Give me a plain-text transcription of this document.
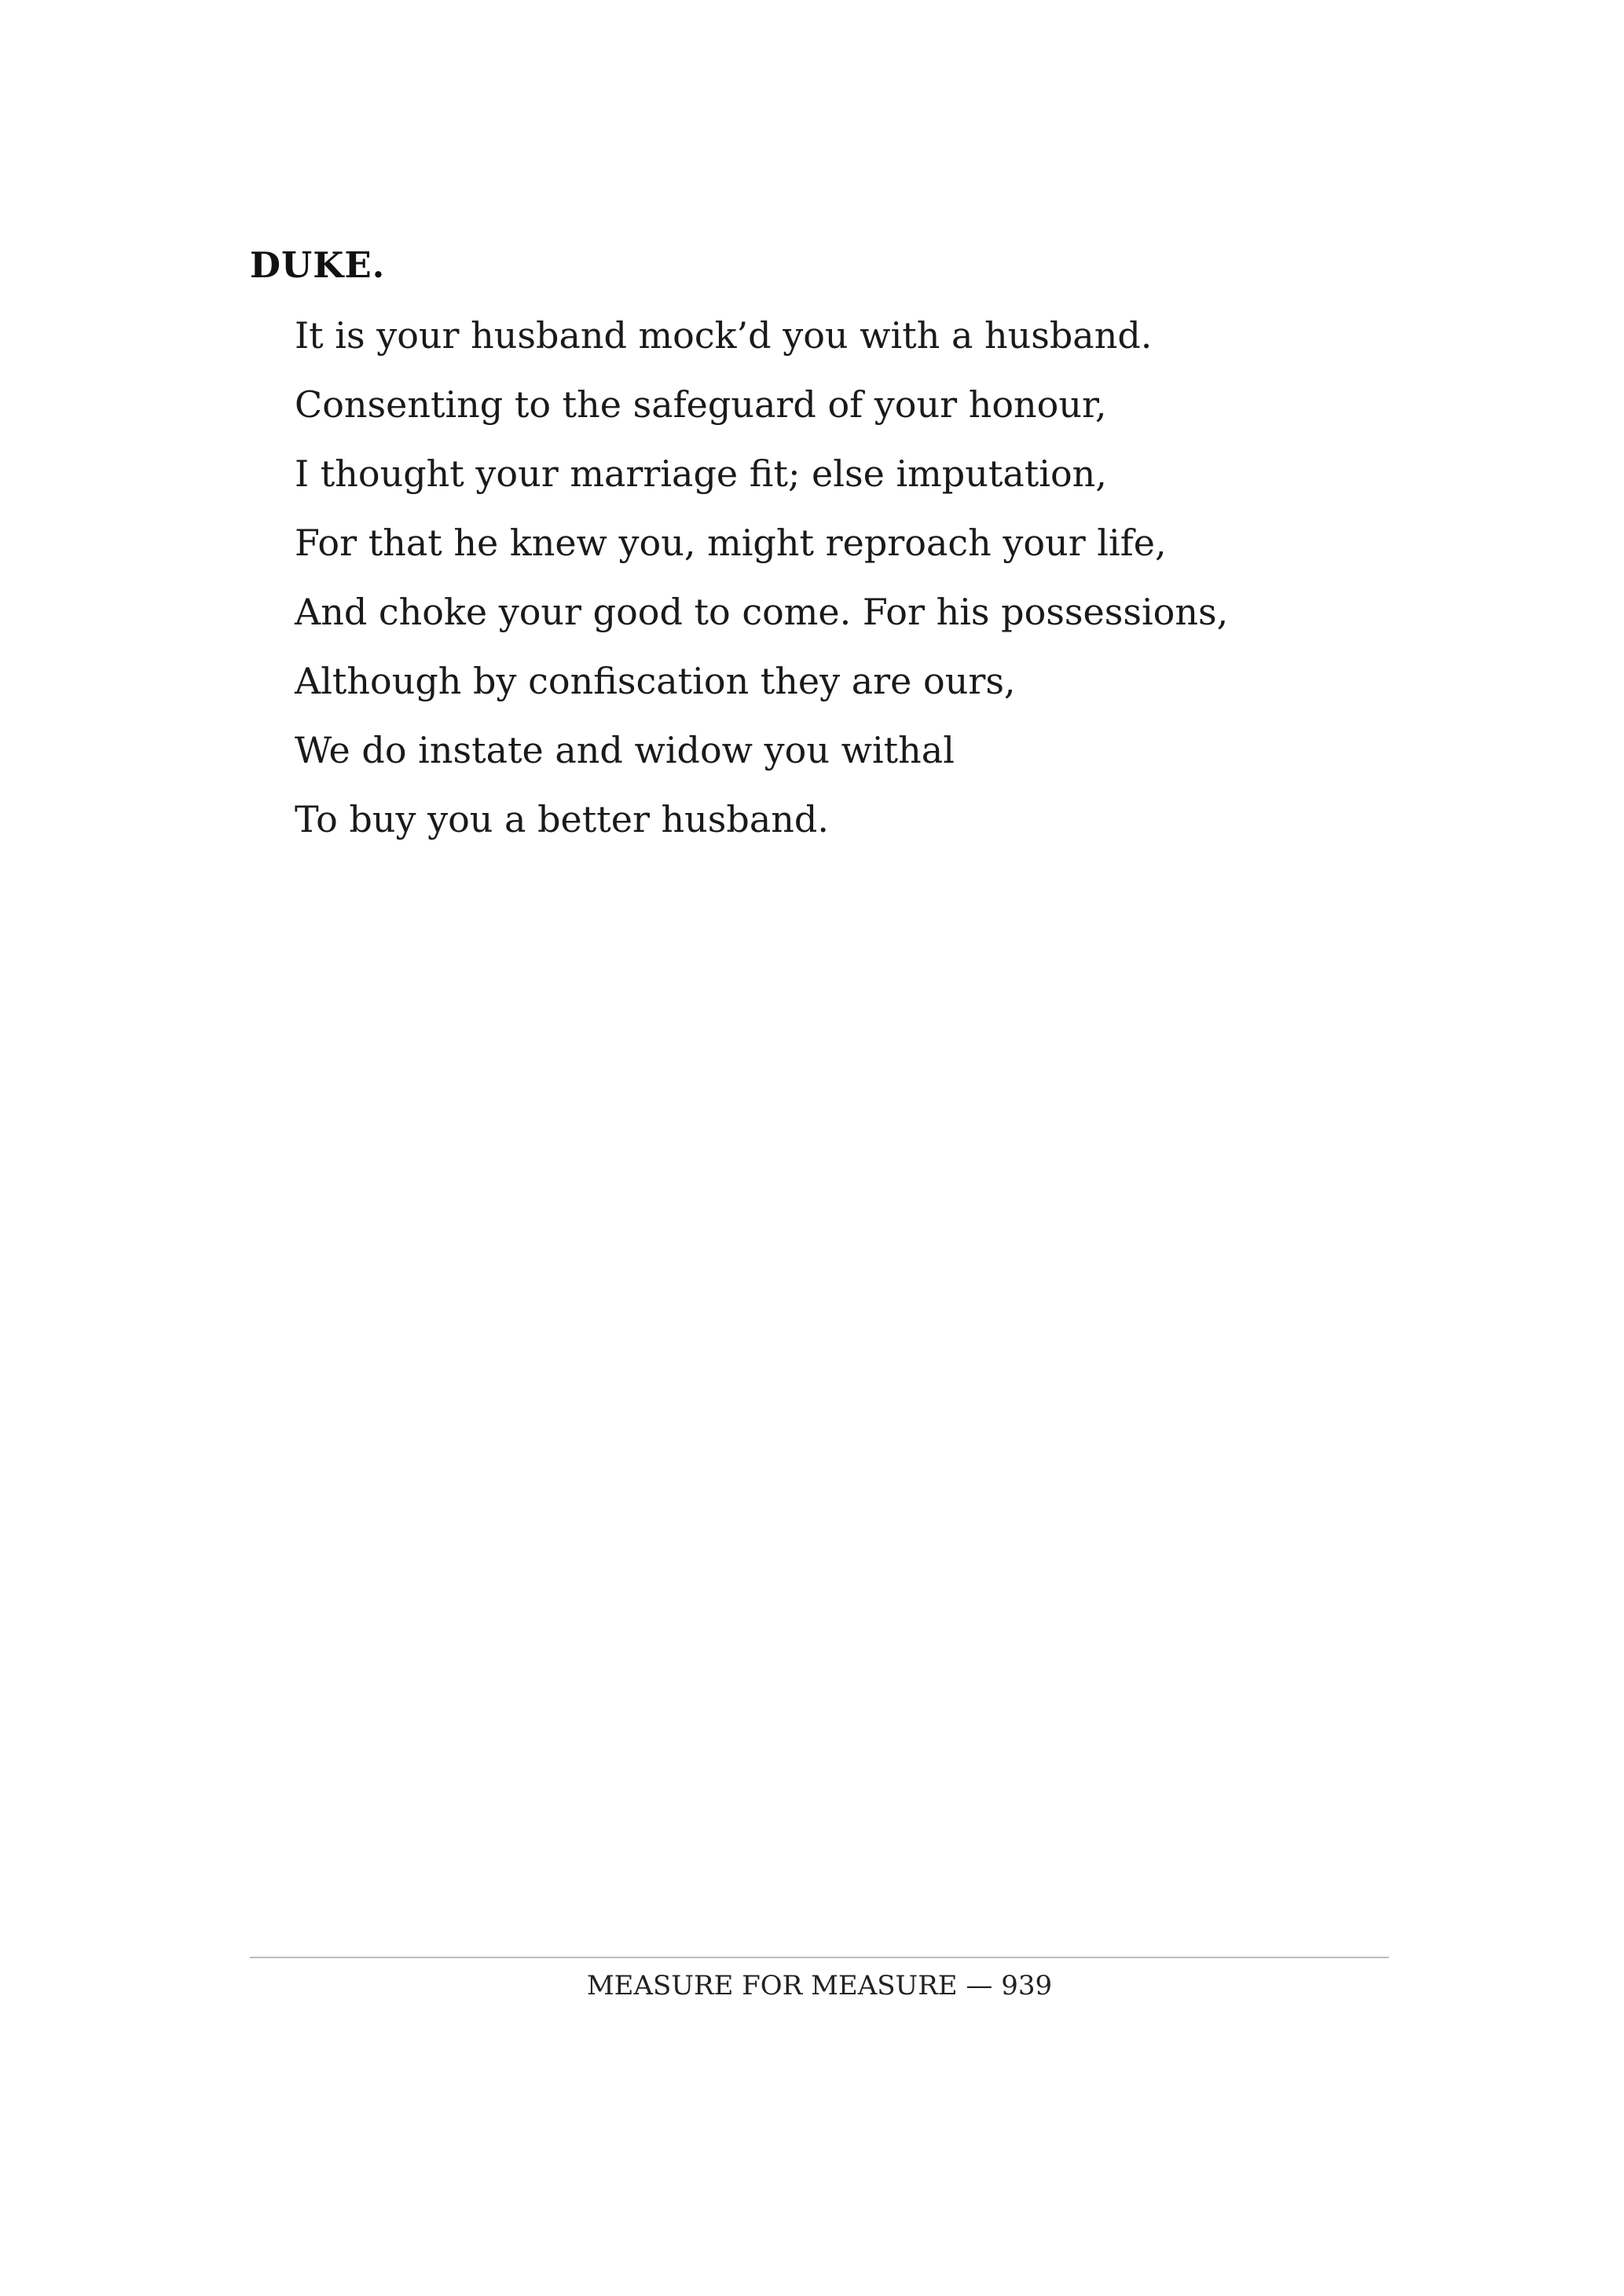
DUKE.

It is your husband mock’d you with a husband.
Consenting to the safeguard of your honour,
I thought your marriage fit; else imputation,
For that he knew you, might reproach your life,
And choke your good to come. For his possessions,
Although by confiscation they are ours,
We do instate and widow you withal
To buy you a better husband.
MEASURE FOR MEASURE — 939
